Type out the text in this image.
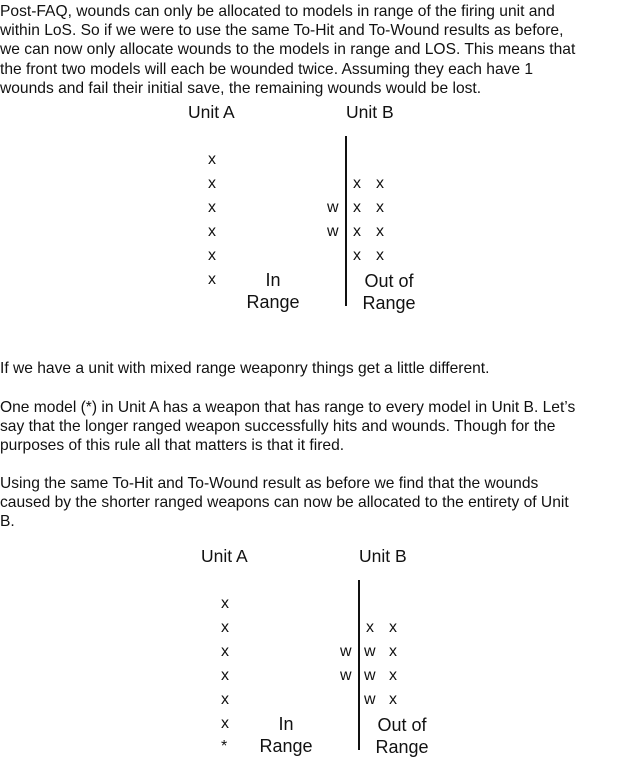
Post-FAQ, wounds can only be allocated to models in range of the firing unit and
within LoS. So if we were to use the same To-Hit and To-Wound results as before,
we can now only allocate wounds to the models in range and LOS. This means that
the front two models will each be wounded twice. Assuming they each have 1
wounds and fail their initial save, the remaining wounds would be lost.

Unit A	Unit B
x
x
x
x
x
x
w
w
x x
x x
x x
x x
In
Range
Out of
Range

If we have a unit with mixed range weaponry things get a little different.

One model (*) in Unit A has a weapon that has range to every model in Unit B. Let’s
say that the longer ranged weapon successfully hits and wounds. Though for the
purposes of this rule all that matters is that it fired.

Using the same To-Hit and To-Wound result as before we find that the wounds
caused by the shorter ranged weapons can now be allocated to the entirety of Unit
B.

Unit A	Unit B
x
x
x
x
x
x
*
w
w
x x
w x
w x
w x
In
Range
Out of
Range
